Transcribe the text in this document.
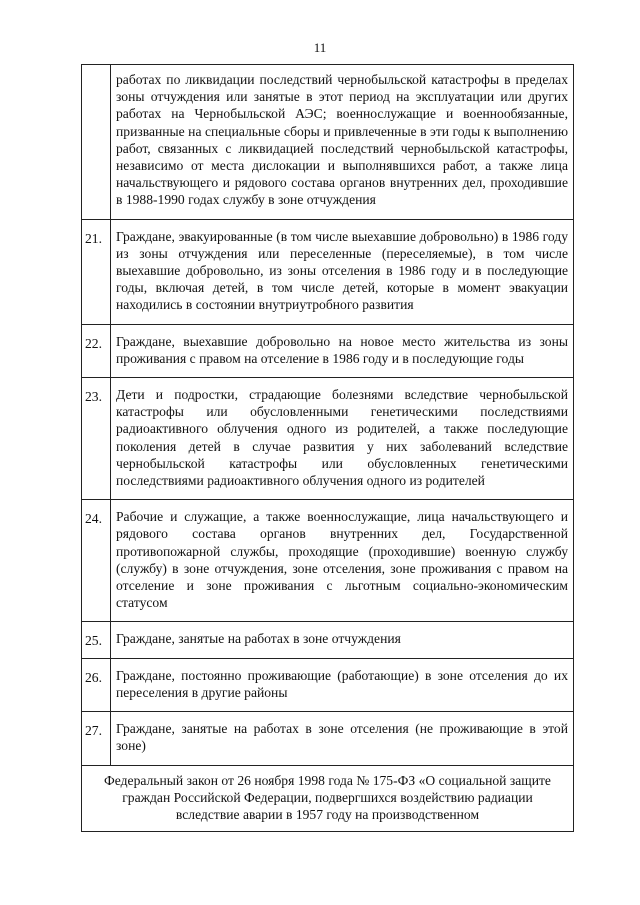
11
	работах по ликвидации последствий чернобыльской катастрофы в пределах зоны отчуждения или занятые в этот период на эксплуатации или других работах на Чернобыльской АЭС; военнослужащие и военнообязанные, призванные на специальные сборы и привлеченные в эти годы к выполнению работ, связанных с ликвидацией последствий чернобыльской катастрофы, независимо от места дислокации и выполнявшихся работ, а также лица начальствующего и рядового состава органов внутренних дел, проходившие в 1988-1990 годах службу в зоне отчуждения
21.	Граждане, эвакуированные (в том числе выехавшие добровольно) в 1986 году из зоны отчуждения или переселенные (переселяемые), в том числе выехавшие добровольно, из зоны отселения в 1986 году и в последующие годы, включая детей, в том числе детей, которые в момент эвакуации находились в состоянии внутриутробного развития
22.	Граждане, выехавшие добровольно на новое место жительства из зоны проживания с правом на отселение в 1986 году и в последующие годы
23.	Дети и подростки, страдающие болезнями вследствие чернобыльской катастрофы или обусловленными генетическими последствиями радиоактивного облучения одного из родителей, а также последующие поколения детей в случае развития у них заболеваний вследствие чернобыльской катастрофы или обусловленных генетическими последствиями радиоактивного облучения одного из родителей
24.	Рабочие и служащие, а также военнослужащие, лица начальствующего и рядового состава органов внутренних дел, Государственной противопожарной службы, проходящие (проходившие) военную службу (службу) в зоне отчуждения, зоне отселения, зоне проживания с правом на отселение и зоне проживания с льготным социально-экономическим статусом
25.	Граждане, занятые на работах в зоне отчуждения
26.	Граждане, постоянно проживающие (работающие) в зоне отселения до их переселения в другие районы
27.	Граждане, занятые на работах в зоне отселения (не проживающие в этой зоне)
Федеральный закон от 26 ноября 1998 года № 175-ФЗ «О социальной защите граждан Российской Федерации, подвергшихся воздействию радиации вследствие аварии в 1957 году на производственном	
